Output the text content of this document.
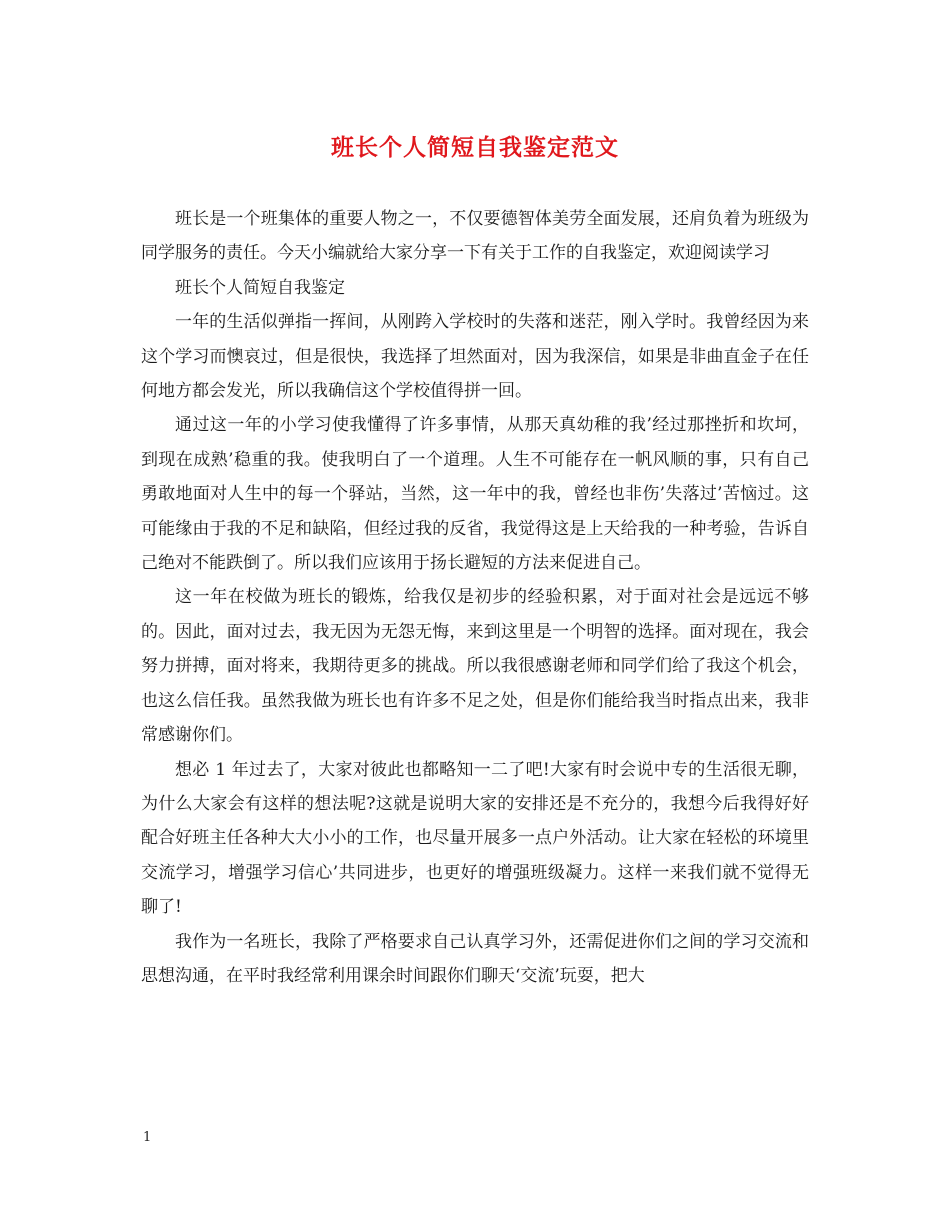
班长个人简短自我鉴定范文

班长是一个班集体的重要人物之一，不仅要德智体美劳全面发展，还肩负着为班级为同学服务的责任。今天小编就给大家分享一下有关于工作的自我鉴定，欢迎阅读学习

班长个人简短自我鉴定

一年的生活似弹指一挥间，从刚跨入学校时的失落和迷茫，刚入学时。我曾经因为来这个学习而懊哀过，但是很快，我选择了坦然面对，因为我深信，如果是非曲直金子在任何地方都会发光，所以我确信这个学校值得拼一回。

通过这一年的小学习使我懂得了许多事情，从那天真幼稚的我’经过那挫折和坎坷，到现在成熟’稳重的我。使我明白了一个道理。人生不可能存在一帆风顺的事，只有自己勇敢地面对人生中的每一个驿站，当然，这一年中的我，曾经也非伤’失落过’苦恼过。这可能缘由于我的不足和缺陷，但经过我的反省，我觉得这是上天给我的一种考验，告诉自己绝对不能跌倒了。所以我们应该用于扬长避短的方法来促进自己。

这一年在校做为班长的锻炼，给我仅是初步的经验积累，对于面对社会是远远不够的。因此，面对过去，我无因为无怨无悔，来到这里是一个明智的选择。面对现在，我会努力拼搏，面对将来，我期待更多的挑战。所以我很感谢老师和同学们给了我这个机会，也这么信任我。虽然我做为班长也有许多不足之处，但是你们能给我当时指点出来，我非常感谢你们。

想必 1 年过去了，大家对彼此也都略知一二了吧!大家有时会说中专的生活很无聊，为什么大家会有这样的想法呢?这就是说明大家的安排还是不充分的，我想今后我得好好配合好班主任各种大大小小的工作，也尽量开展多一点户外活动。让大家在轻松的环境里交流学习，增强学习信心’共同进步，也更好的增强班级凝力。这样一来我们就不觉得无聊了!

我作为一名班长，我除了严格要求自己认真学习外，还需促进你们之间的学习交流和思想沟通，在平时我经常利用课余时间跟你们聊天‘交流’玩耍，把大

1
